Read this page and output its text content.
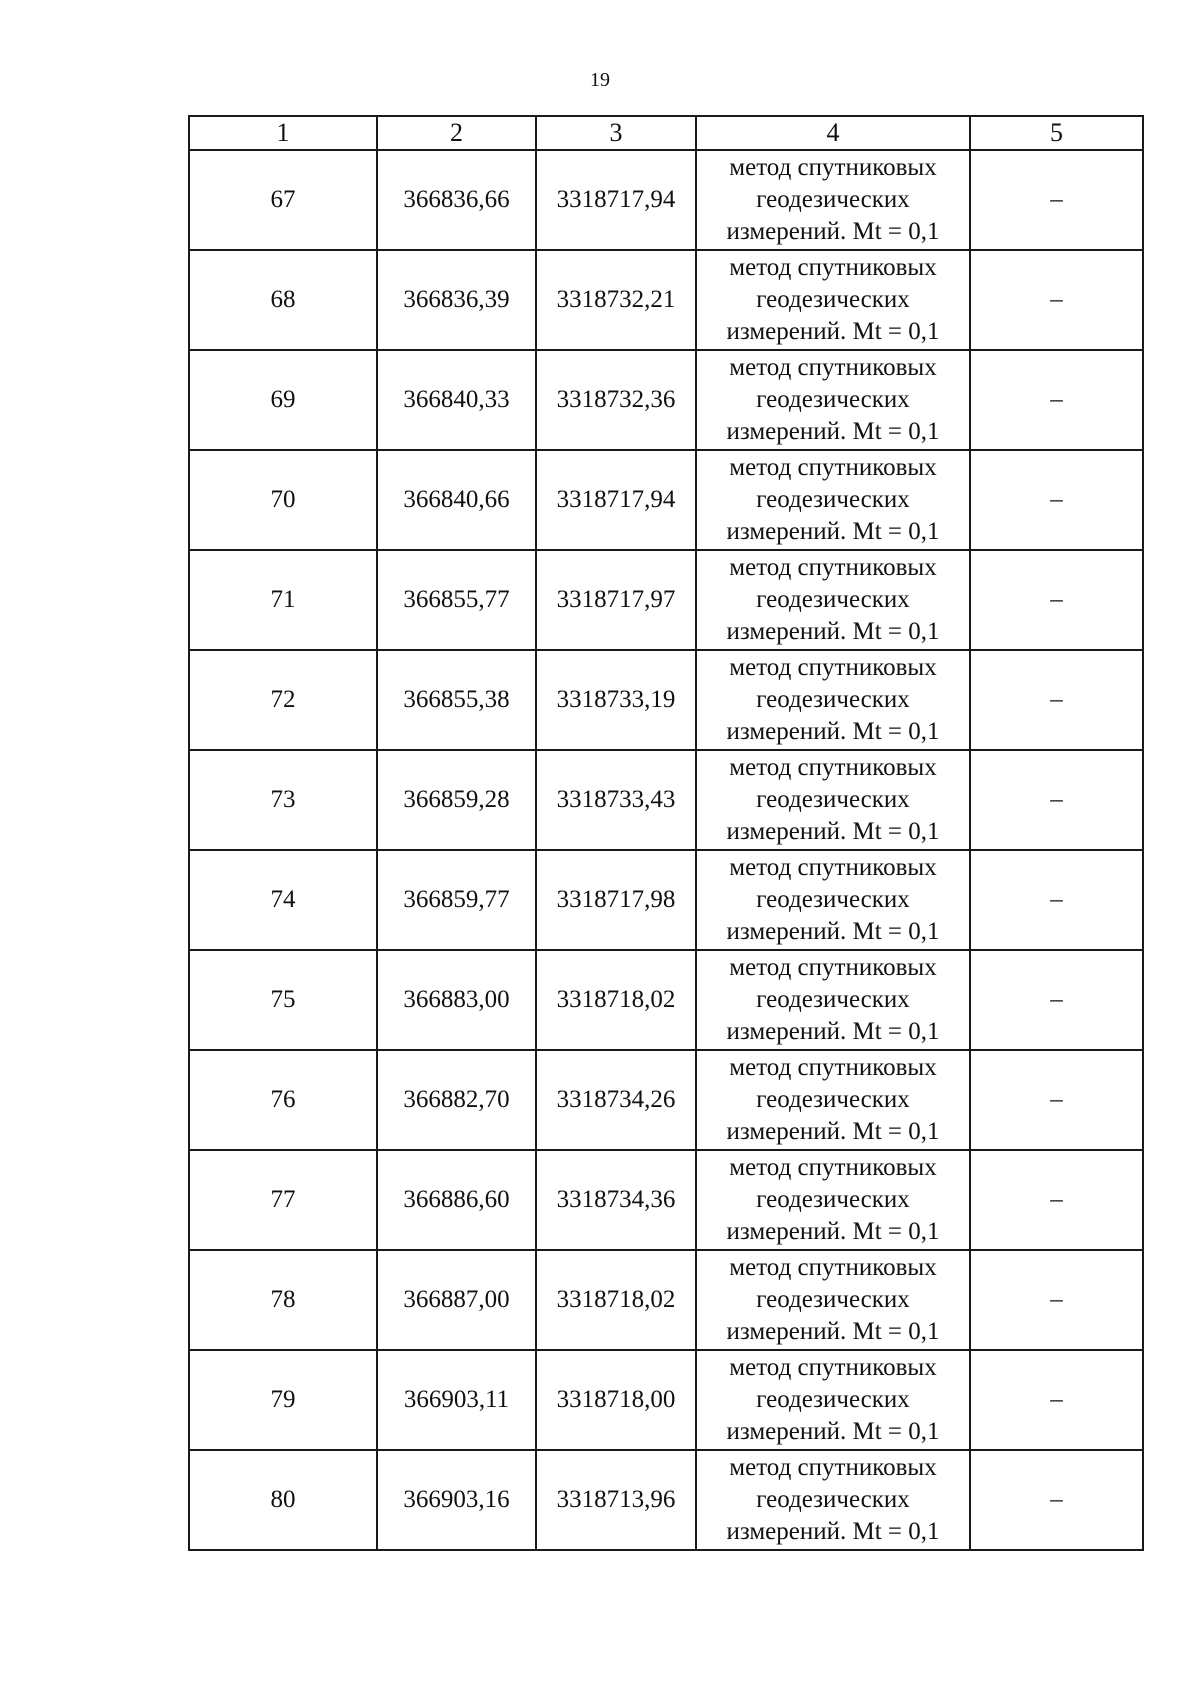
19
1	2	3	4	5
67	366836,66	3318717,94	метод спутниковых геодезических измерений. Mt = 0,1	–
68	366836,39	3318732,21	метод спутниковых геодезических измерений. Mt = 0,1	–
69	366840,33	3318732,36	метод спутниковых геодезических измерений. Mt = 0,1	–
70	366840,66	3318717,94	метод спутниковых геодезических измерений. Mt = 0,1	–
71	366855,77	3318717,97	метод спутниковых геодезических измерений. Mt = 0,1	–
72	366855,38	3318733,19	метод спутниковых геодезических измерений. Mt = 0,1	–
73	366859,28	3318733,43	метод спутниковых геодезических измерений. Mt = 0,1	–
74	366859,77	3318717,98	метод спутниковых геодезических измерений. Mt = 0,1	–
75	366883,00	3318718,02	метод спутниковых геодезических измерений. Mt = 0,1	–
76	366882,70	3318734,26	метод спутниковых геодезических измерений. Mt = 0,1	–
77	366886,60	3318734,36	метод спутниковых геодезических измерений. Mt = 0,1	–
78	366887,00	3318718,02	метод спутниковых геодезических измерений. Mt = 0,1	–
79	366903,11	3318718,00	метод спутниковых геодезических измерений. Mt = 0,1	–
80	366903,16	3318713,96	метод спутниковых геодезических измерений. Mt = 0,1	–
